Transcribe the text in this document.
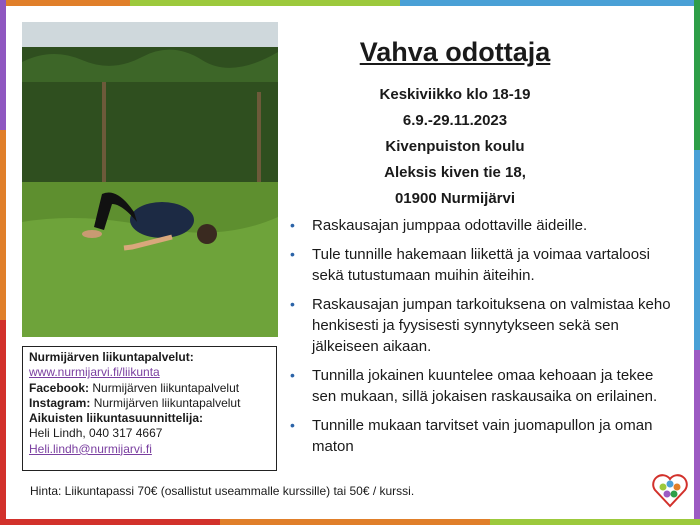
Vahva odottaja
Keskiviikko klo 18-19
6.9.-29.11.2023
Kivenpuiston koulu
Aleksis kiven tie 18,
01900 Nurmijärvi
• Raskausajan jumppaa odottaville äideille.
• Tule tunnille hakemaan liikettä ja voimaa vartaloosi sekä tutustumaan muihin äiteihin.
• Raskausajan jumpan tarkoituksena on valmistaa keho henkisesti ja fyysisesti synnytykseen sekä sen jälkeiseen aikaan.
• Tunnilla jokainen kuuntelee omaa kehoaan ja tekee sen mukaan, sillä jokaisen raskausaika on erilainen.
• Tunnille mukaan tarvitset vain juomapullon ja oman maton
Nurmijärven liikuntapalvelut:
www.nurmijarvi.fi/liikunta
Facebook: Nurmijärven liikuntapalvelut
Instagram: Nurmijärven liikuntapalvelut
Aikuisten liikuntasuunnittelija:
Heli Lindh, 040 317 4667
Heli.lindh@nurmijarvi.fi
Hinta: Liikuntapassi 70€ (osallistut useammalle kurssille) tai 50€ / kurssi.
